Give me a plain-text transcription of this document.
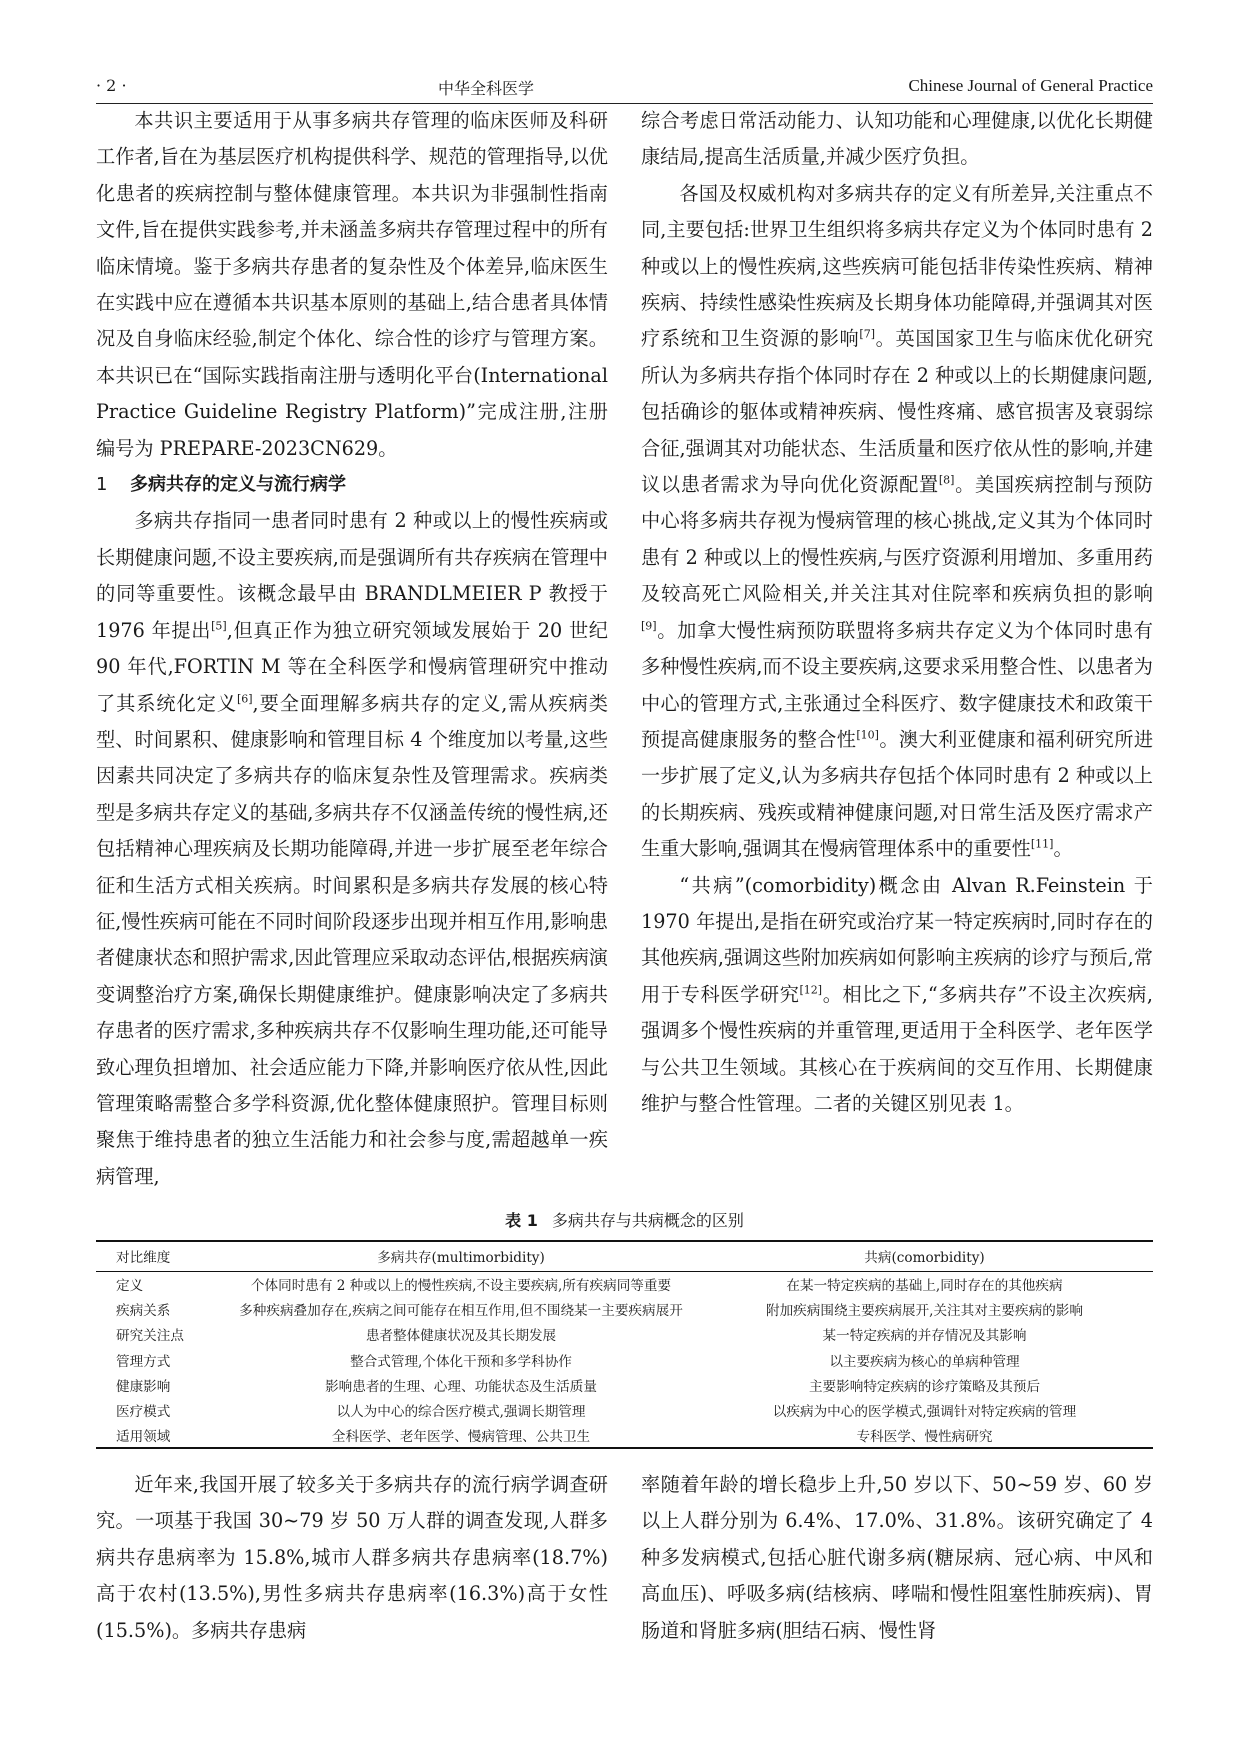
· 2 ·	中华全科医学	Chinese Journal of General Practice

本共识主要适用于从事多病共存管理的临床医师及科研工作者,旨在为基层医疗机构提供科学、规范的管理指导,以优化患者的疾病控制与整体健康管理。本共识为非强制性指南文件,旨在提供实践参考,并未涵盖多病共存管理过程中的所有临床情境。鉴于多病共存患者的复杂性及个体差异,临床医生在实践中应在遵循本共识基本原则的基础上,结合患者具体情况及自身临床经验,制定个体化、综合性的诊疗与管理方案。本共识已在“国际实践指南注册与透明化平台(International Practice Guideline Registry Platform)”完成注册,注册编号为 PREPARE-2023CN629。

1 多病共存的定义与流行病学

多病共存指同一患者同时患有 2 种或以上的慢性疾病或长期健康问题,不设主要疾病,而是强调所有共存疾病在管理中的同等重要性。该概念最早由 BRANDLMEIER P 教授于 1976 年提出[5],但真正作为独立研究领域发展始于 20 世纪 90 年代,FORTIN M 等在全科医学和慢病管理研究中推动了其系统化定义[6],要全面理解多病共存的定义,需从疾病类型、时间累积、健康影响和管理目标 4 个维度加以考量,这些因素共同决定了多病共存的临床复杂性及管理需求。疾病类型是多病共存定义的基础,多病共存不仅涵盖传统的慢性病,还包括精神心理疾病及长期功能障碍,并进一步扩展至老年综合征和生活方式相关疾病。时间累积是多病共存发展的核心特征,慢性疾病可能在不同时间阶段逐步出现并相互作用,影响患者健康状态和照护需求,因此管理应采取动态评估,根据疾病演变调整治疗方案,确保长期健康维护。健康影响决定了多病共存患者的医疗需求,多种疾病共存不仅影响生理功能,还可能导致心理负担增加、社会适应能力下降,并影响医疗依从性,因此管理策略需整合多学科资源,优化整体健康照护。管理目标则聚焦于维持患者的独立生活能力和社会参与度,需超越单一疾病管理,

综合考虑日常活动能力、认知功能和心理健康,以优化长期健康结局,提高生活质量,并减少医疗负担。

各国及权威机构对多病共存的定义有所差异,关注重点不同,主要包括:世界卫生组织将多病共存定义为个体同时患有 2 种或以上的慢性疾病,这些疾病可能包括非传染性疾病、精神疾病、持续性感染性疾病及长期身体功能障碍,并强调其对医疗系统和卫生资源的影响[7]。英国国家卫生与临床优化研究所认为多病共存指个体同时存在 2 种或以上的长期健康问题,包括确诊的躯体或精神疾病、慢性疼痛、感官损害及衰弱综合征,强调其对功能状态、生活质量和医疗依从性的影响,并建议以患者需求为导向优化资源配置[8]。美国疾病控制与预防中心将多病共存视为慢病管理的核心挑战,定义其为个体同时患有 2 种或以上的慢性疾病,与医疗资源利用增加、多重用药及较高死亡风险相关,并关注其对住院率和疾病负担的影响[9]。加拿大慢性病预防联盟将多病共存定义为个体同时患有多种慢性疾病,而不设主要疾病,这要求采用整合性、以患者为中心的管理方式,主张通过全科医疗、数字健康技术和政策干预提高健康服务的整合性[10]。澳大利亚健康和福利研究所进一步扩展了定义,认为多病共存包括个体同时患有 2 种或以上的长期疾病、残疾或精神健康问题,对日常生活及医疗需求产生重大影响,强调其在慢病管理体系中的重要性[11]。

“共病”(comorbidity)概念由 Alvan R.Feinstein 于 1970 年提出,是指在研究或治疗某一特定疾病时,同时存在的其他疾病,强调这些附加疾病如何影响主疾病的诊疗与预后,常用于专科医学研究[12]。相比之下,“多病共存”不设主次疾病,强调多个慢性疾病的并重管理,更适用于全科医学、老年医学与公共卫生领域。其核心在于疾病间的交互作用、长期健康维护与整合性管理。二者的关键区别见表 1。

表 1 多病共存与共病概念的区别
对比维度	多病共存(multimorbidity)	共病(comorbidity)
定义	个体同时患有 2 种或以上的慢性疾病,不设主要疾病,所有疾病同等重要	在某一特定疾病的基础上,同时存在的其他疾病
疾病关系	多种疾病叠加存在,疾病之间可能存在相互作用,但不围绕某一主要疾病展开	附加疾病围绕主要疾病展开,关注其对主要疾病的影响
研究关注点	患者整体健康状况及其长期发展	某一特定疾病的并存情况及其影响
管理方式	整合式管理,个体化干预和多学科协作	以主要疾病为核心的单病种管理
健康影响	影响患者的生理、心理、功能状态及生活质量	主要影响特定疾病的诊疗策略及其预后
医疗模式	以人为中心的综合医疗模式,强调长期管理	以疾病为中心的医学模式,强调针对特定疾病的管理
适用领域	全科医学、老年医学、慢病管理、公共卫生	专科医学、慢性病研究

近年来,我国开展了较多关于多病共存的流行病学调查研究。一项基于我国 30~79 岁 50 万人群的调查发现,人群多病共存患病率为 15.8%,城市人群多病共存患病率(18.7%)高于农村(13.5%),男性多病共存患病率(16.3%)高于女性(15.5%)。多病共存患病

率随着年龄的增长稳步上升,50 岁以下、50~59 岁、60 岁以上人群分别为 6.4%、17.0%、31.8%。该研究确定了 4 种多发病模式,包括心脏代谢多病(糖尿病、冠心病、中风和高血压)、呼吸多病(结核病、哮喘和慢性阻塞性肺疾病)、胃肠道和肾脏多病(胆结石病、慢性肾
